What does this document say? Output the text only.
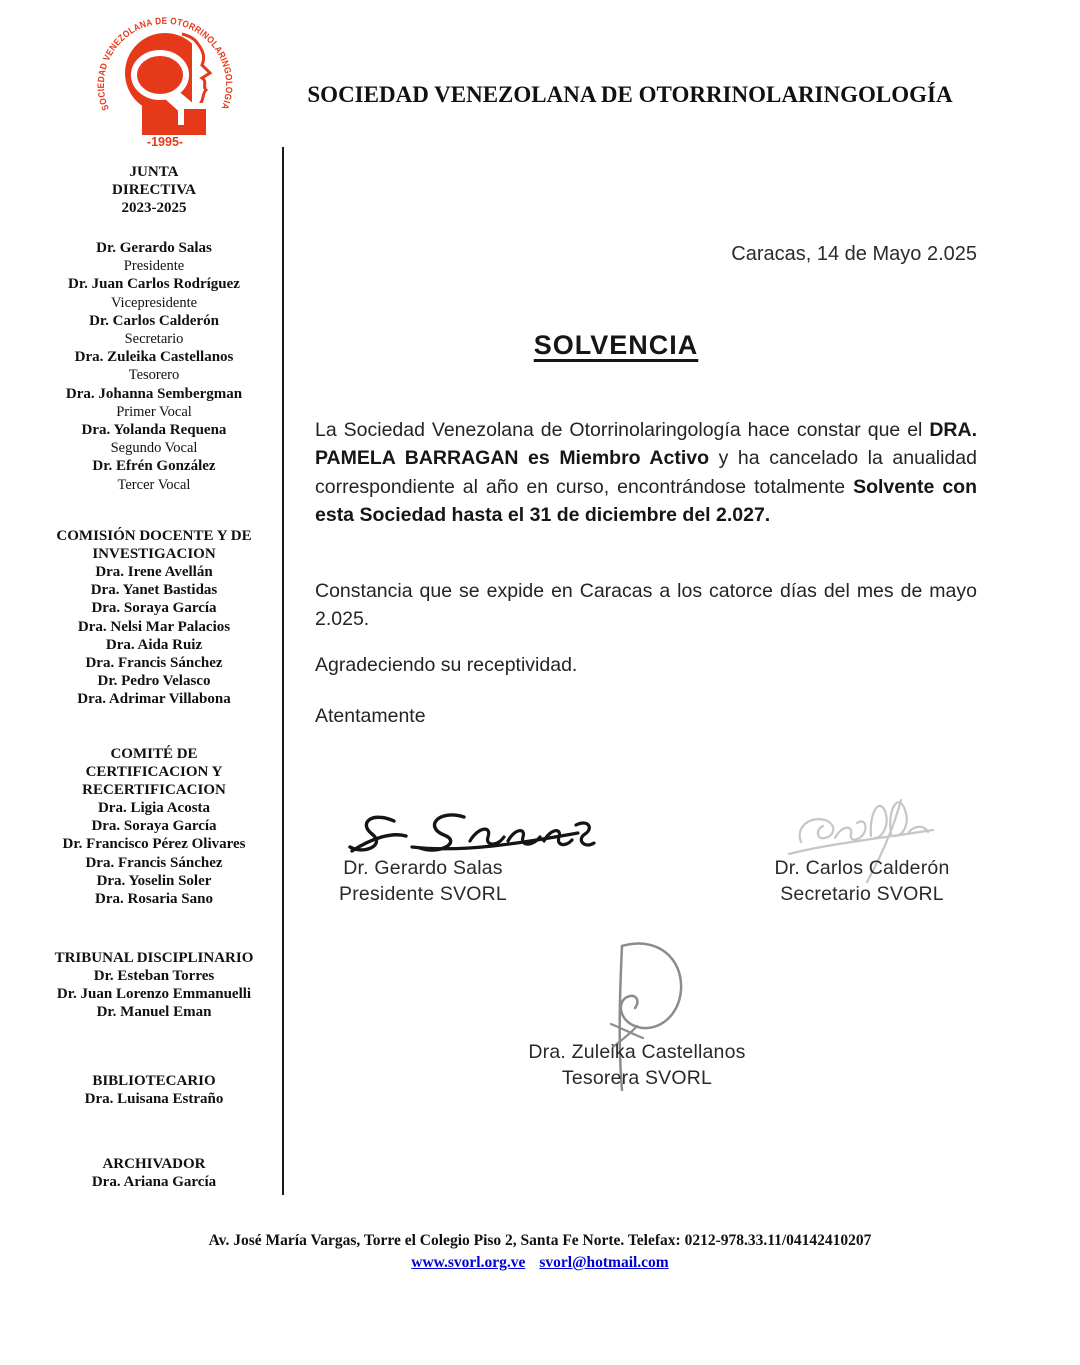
SOCIEDAD VENEZOLANA DE OTORRINOLARINGOLOGIA
-1995-
SOCIEDAD VENEZOLANA DE OTORRINOLARINGOLOGÍA
JUNTA
DIRECTIVA
2023-2025
Dr. Gerardo Salas
Presidente
Dr. Juan Carlos Rodríguez
Vicepresidente
Dr. Carlos Calderón
Secretario
Dra. Zuleika Castellanos
Tesorero
Dra. Johanna Sembergman
Primer Vocal
Dra. Yolanda Requena
Segundo Vocal
Dr. Efrén González
Tercer Vocal
COMISIÓN DOCENTE Y DE
INVESTIGACION
Dra. Irene Avellán
Dra. Yanet Bastidas
Dra. Soraya García
Dra. Nelsi Mar Palacios
Dra. Aida Ruiz
Dra. Francis Sánchez
Dr. Pedro Velasco
Dra. Adrimar Villabona
COMITÉ DE
CERTIFICACION Y
RECERTIFICACION
Dra. Ligia Acosta
Dra. Soraya García
Dr. Francisco Pérez Olivares
Dra. Francis Sánchez
Dra. Yoselin Soler
Dra. Rosaria Sano
TRIBUNAL DISCIPLINARIO
Dr. Esteban Torres
Dr. Juan Lorenzo Emmanuelli
Dr. Manuel Eman
BIBLIOTECARIO
Dra. Luisana Estraño
ARCHIVADOR
Dra. Ariana García
Caracas, 14 de Mayo 2.025
SOLVENCIA
La Sociedad Venezolana de Otorrinolaringología hace constar que el DRA. PAMELA BARRAGAN es Miembro Activo y ha cancelado la anualidad correspondiente al año en curso, encontrándose totalmente Solvente con esta Sociedad hasta el 31 de diciembre del 2.027.
Constancia que se expide en Caracas a los catorce días del mes de mayo 2.025.
Agradeciendo su receptividad.
Atentamente
Dr. Gerardo Salas
Presidente SVORL
Dr. Carlos Calderón
Secretario SVORL
Dra. Zuleika Castellanos
Tesorera SVORL
Av. José María Vargas, Torre el Colegio Piso 2, Santa Fe Norte. Telefax: 0212-978.33.11/04142410207
www.svorl.org.ve svorl@hotmail.com
